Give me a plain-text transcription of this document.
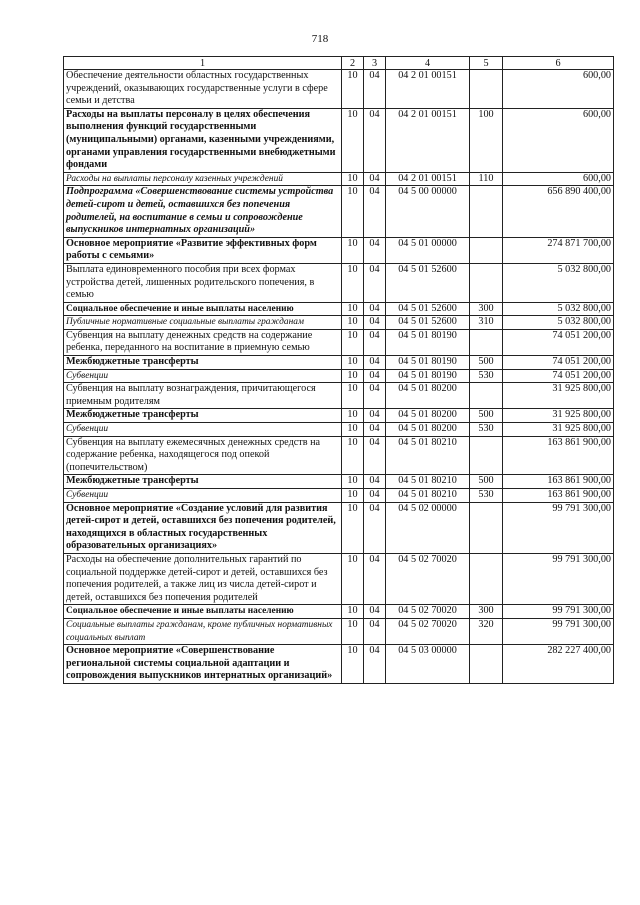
718
1	2	3	4	5	6
Обеспечение деятельности областных государственных учреждений, оказывающих государственные услуги в сфере семьи и детства	10	04	04 2 01 00151		600,00
Расходы на выплаты персоналу в целях обеспечения выполнения функций государственными (муниципальными) органами, казенными учреждениями, органами управления государственными внебюджетными фондами	10	04	04 2 01 00151	100	600,00
Расходы на выплаты персоналу казенных учреждений	10	04	04 2 01 00151	110	600,00
Подпрограмма «Совершенствование системы устройства детей-сирот и детей, оставшихся без попечения родителей, на воспитание в семьи и сопровождение выпускников интернатных организаций»	10	04	04 5 00 00000		656 890 400,00
Основное мероприятие «Развитие эффективных форм работы с семьями»	10	04	04 5 01 00000		274 871 700,00
Выплата единовременного пособия при всех формах устройства детей, лишенных родительского попечения, в семью	10	04	04 5 01 52600		5 032 800,00
Социальное обеспечение и иные выплаты населению	10	04	04 5 01 52600	300	5 032 800,00
Публичные нормативные социальные выплаты гражданам	10	04	04 5 01 52600	310	5 032 800,00
Субвенция на выплату денежных средств на содержание ребенка, переданного на воспитание в приемную семью	10	04	04 5 01 80190		74 051 200,00
Межбюджетные трансферты	10	04	04 5 01 80190	500	74 051 200,00
Субвенции	10	04	04 5 01 80190	530	74 051 200,00
Субвенция на выплату вознаграждения, причитающегося приемным родителям	10	04	04 5 01 80200		31 925 800,00
Межбюджетные трансферты	10	04	04 5 01 80200	500	31 925 800,00
Субвенции	10	04	04 5 01 80200	530	31 925 800,00
Субвенция на выплату ежемесячных денежных средств на содержание ребенка, находящегося под опекой (попечительством)	10	04	04 5 01 80210		163 861 900,00
Межбюджетные трансферты	10	04	04 5 01 80210	500	163 861 900,00
Субвенции	10	04	04 5 01 80210	530	163 861 900,00
Основное мероприятие «Создание условий для развития детей-сирот и детей, оставшихся без попечения родителей, находящихся в областных государственных образовательных организациях»	10	04	04 5 02 00000		99 791 300,00
Расходы на обеспечение дополнительных гарантий по социальной поддержке детей-сирот и детей, оставшихся без попечения родителей, а также лиц из числа детей-сирот и детей, оставшихся без попечения родителей	10	04	04 5 02 70020		99 791 300,00
Социальное обеспечение и иные выплаты населению	10	04	04 5 02 70020	300	99 791 300,00
Социальные выплаты гражданам, кроме публичных нормативных социальных выплат	10	04	04 5 02 70020	320	99 791 300,00
Основное мероприятие «Совершенствование региональной системы социальной адаптации и сопровождения выпускников интернатных организаций»	10	04	04 5 03 00000		282 227 400,00
